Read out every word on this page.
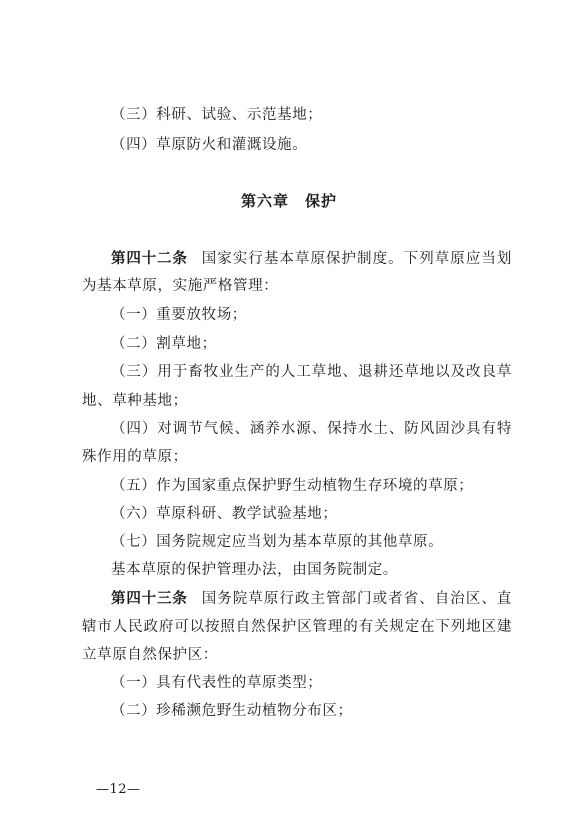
（三）科研、试验、示范基地；
（四）草原防火和灌溉设施。
第六章　保护
第四十二条 国家实行基本草原保护制度。下列草原应当划
为基本草原，实施严格管理：
（一）重要放牧场；
（二）割草地；
（三）用于畜牧业生产的人工草地、退耕还草地以及改良草
地、草种基地；
（四）对调节气候、涵养水源、保持水土、防风固沙具有特
殊作用的草原；
（五）作为国家重点保护野生动植物生存环境的草原；
（六）草原科研、教学试验基地；
（七）国务院规定应当划为基本草原的其他草原。
基本草原的保护管理办法，由国务院制定。
第四十三条 国务院草原行政主管部门或者省、自治区、直
辖市人民政府可以按照自然保护区管理的有关规定在下列地区建
立草原自然保护区：
（一）具有代表性的草原类型；
（二）珍稀濒危野生动植物分布区；
—12—
